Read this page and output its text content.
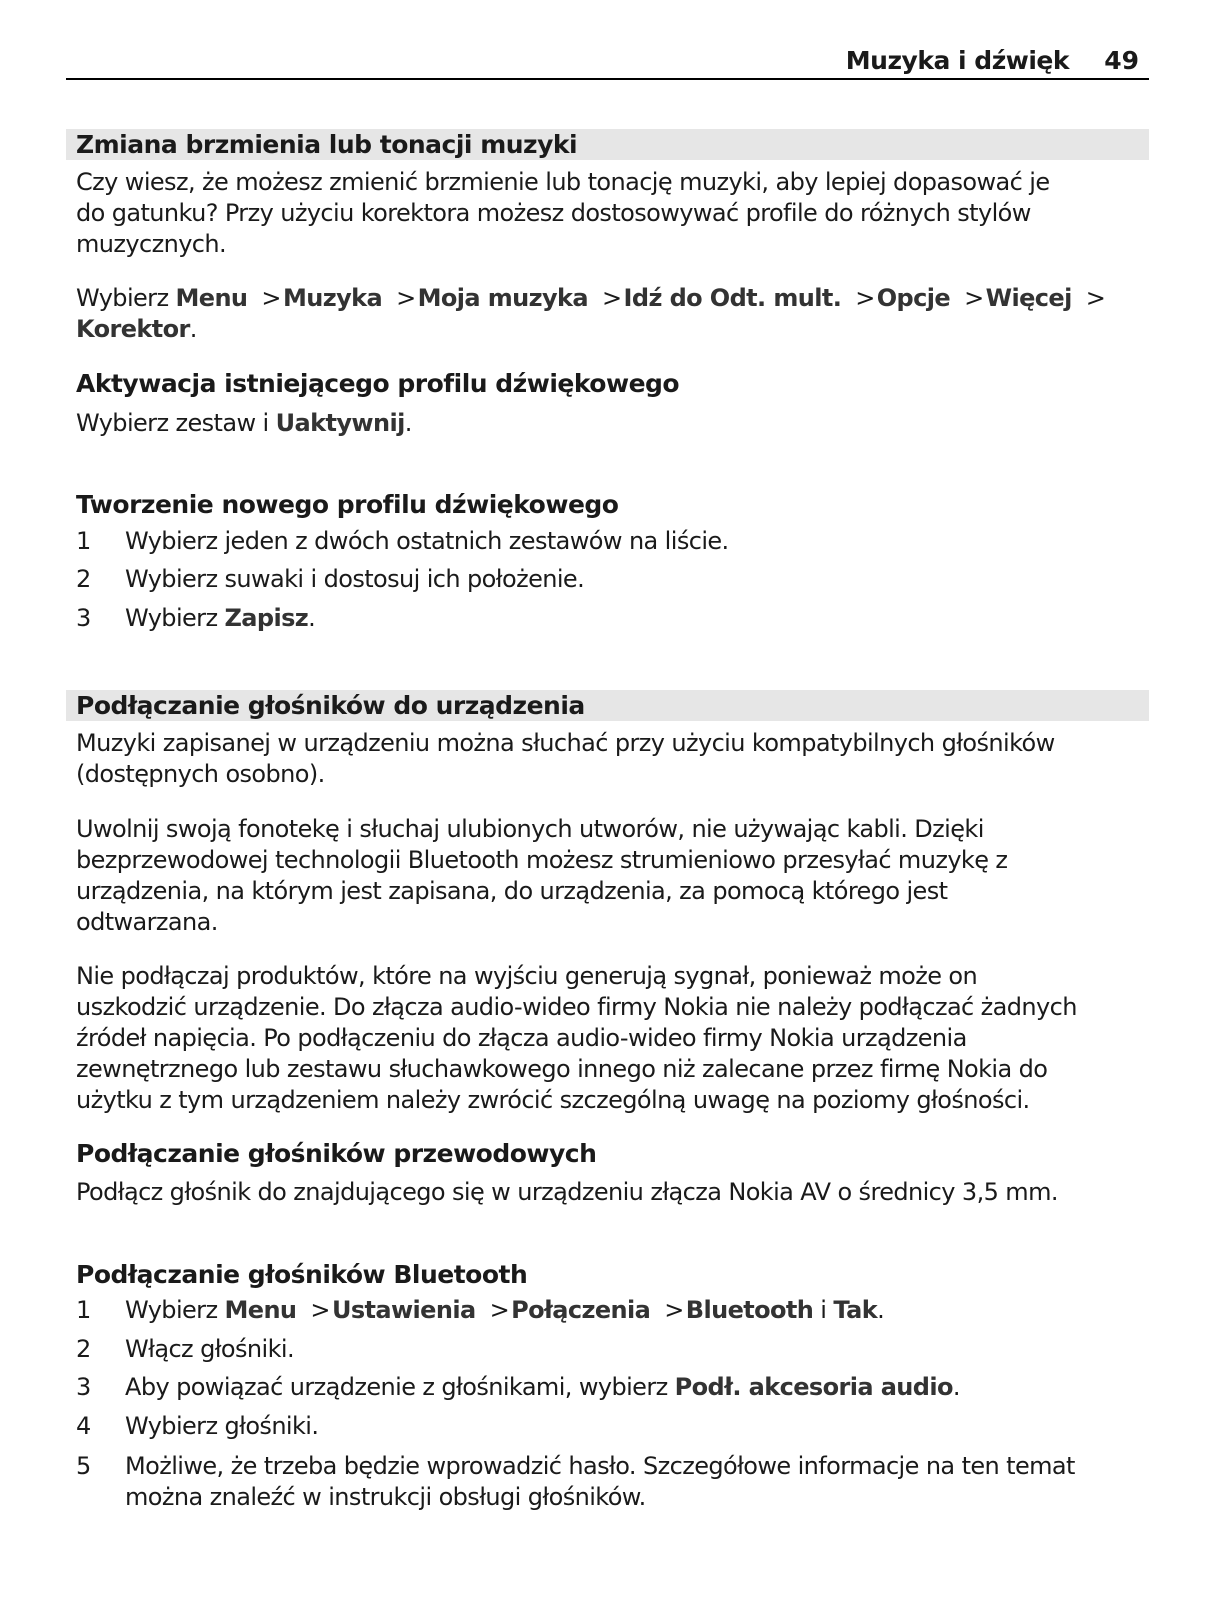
Muzyka i dźwięk 49
Zmiana brzmienia lub tonacji muzyki
Czy wiesz, że możesz zmienić brzmienie lub tonację muzyki, aby lepiej dopasować je
do gatunku? Przy użyciu korektora możesz dostosowywać profile do różnych stylów
muzycznych.
Wybierz Menu >Muzyka >Moja muzyka >Idź do Odt. mult. >Opcje >Więcej >
Korektor.
Aktywacja istniejącego profilu dźwiękowego
Wybierz zestaw i Uaktywnij.
Tworzenie nowego profilu dźwiękowego
1 Wybierz jeden z dwóch ostatnich zestawów na liście.
2 Wybierz suwaki i dostosuj ich położenie.
3 Wybierz Zapisz.
Podłączanie głośników do urządzenia
Muzyki zapisanej w urządzeniu można słuchać przy użyciu kompatybilnych głośników
(dostępnych osobno).
Uwolnij swoją fonotekę i słuchaj ulubionych utworów, nie używając kabli. Dzięki
bezprzewodowej technologii Bluetooth możesz strumieniowo przesyłać muzykę z
urządzenia, na którym jest zapisana, do urządzenia, za pomocą którego jest
odtwarzana.
Nie podłączaj produktów, które na wyjściu generują sygnał, ponieważ może on
uszkodzić urządzenie. Do złącza audio-wideo firmy Nokia nie należy podłączać żadnych
źródeł napięcia. Po podłączeniu do złącza audio-wideo firmy Nokia urządzenia
zewnętrznego lub zestawu słuchawkowego innego niż zalecane przez firmę Nokia do
użytku z tym urządzeniem należy zwrócić szczególną uwagę na poziomy głośności.
Podłączanie głośników przewodowych
Podłącz głośnik do znajdującego się w urządzeniu złącza Nokia AV o średnicy 3,5 mm.
Podłączanie głośników Bluetooth
1 Wybierz Menu >Ustawienia >Połączenia >Bluetooth i Tak.
2 Włącz głośniki.
3 Aby powiązać urządzenie z głośnikami, wybierz Podł. akcesoria audio.
4 Wybierz głośniki.
5 Możliwe, że trzeba będzie wprowadzić hasło. Szczegółowe informacje na ten temat
można znaleźć w instrukcji obsługi głośników.
